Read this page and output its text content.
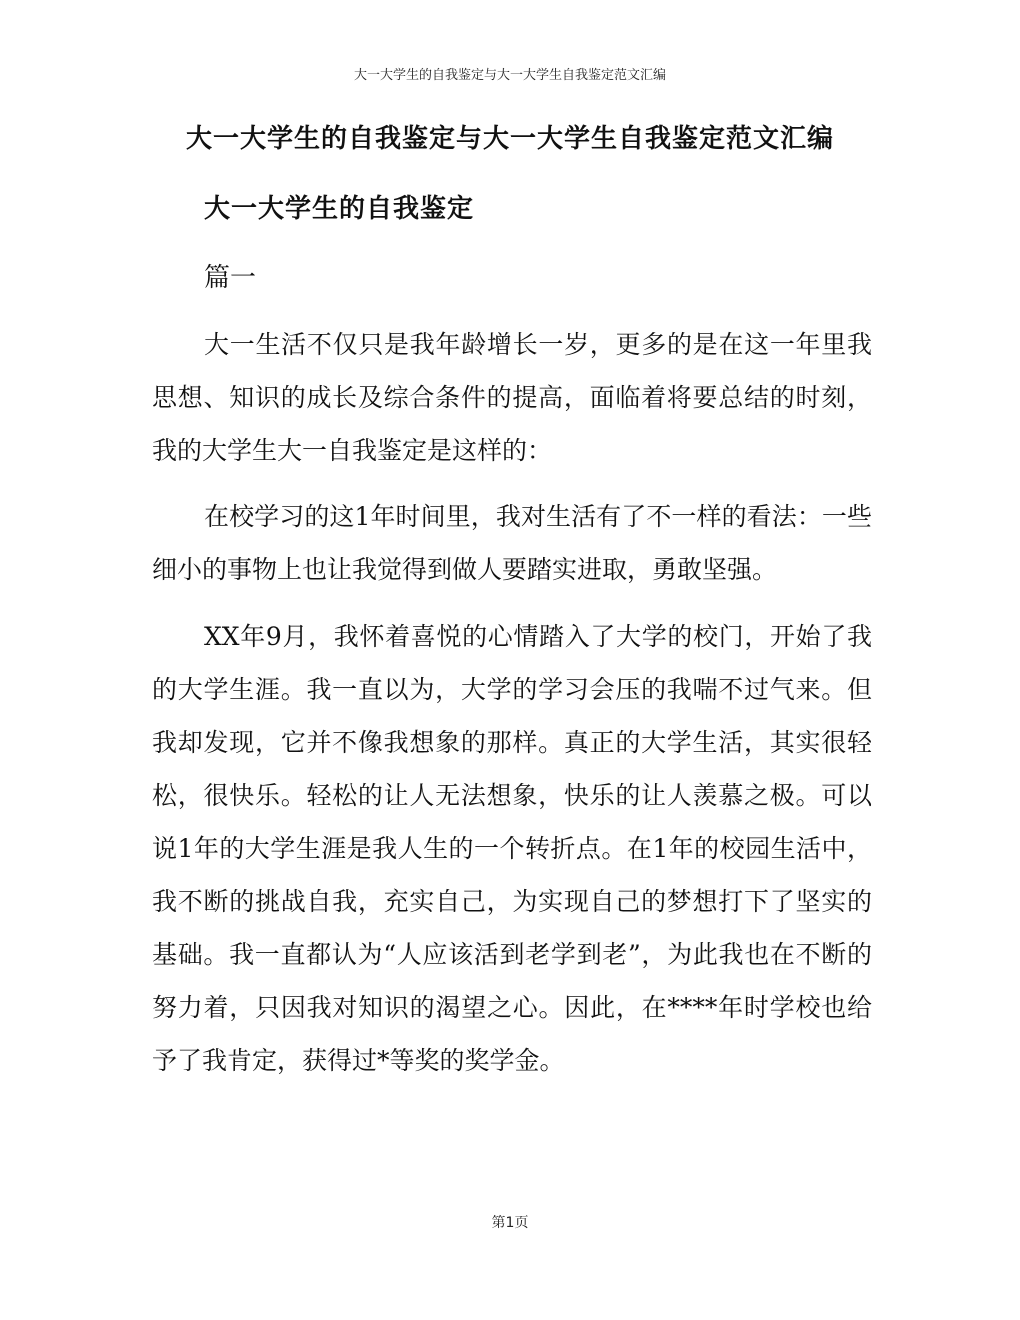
大一大学生的自我鉴定与大一大学生自我鉴定范文汇编
大一大学生的自我鉴定与大一大学生自我鉴定范文汇编
大一大学生的自我鉴定
篇一

大一生活不仅只是我年龄增长一岁，更多的是在这一年里我思想、知识的成长及综合条件的提高，面临着将要总结的时刻，我的大学生大一自我鉴定是这样的：

在校学习的这1年时间里，我对生活有了不一样的看法：一些细小的事物上也让我觉得到做人要踏实进取，勇敢坚强。

XX年9月，我怀着喜悦的心情踏入了大学的校门，开始了我的大学生涯。我一直以为，大学的学习会压的我喘不过气来。但我却发现，它并不像我想象的那样。真正的大学生活，其实很轻松，很快乐。轻松的让人无法想象，快乐的让人羡慕之极。可以说1年的大学生涯是我人生的一个转折点。在1年的校园生活中，我不断的挑战自我，充实自己，为实现自己的梦想打下了坚实的基础。我一直都认为“人应该活到老学到老”，为此我也在不断的努力着，只因我对知识的渴望之心。因此，在****年时学校也给予了我肯定，获得过*等奖的奖学金。

第1页
